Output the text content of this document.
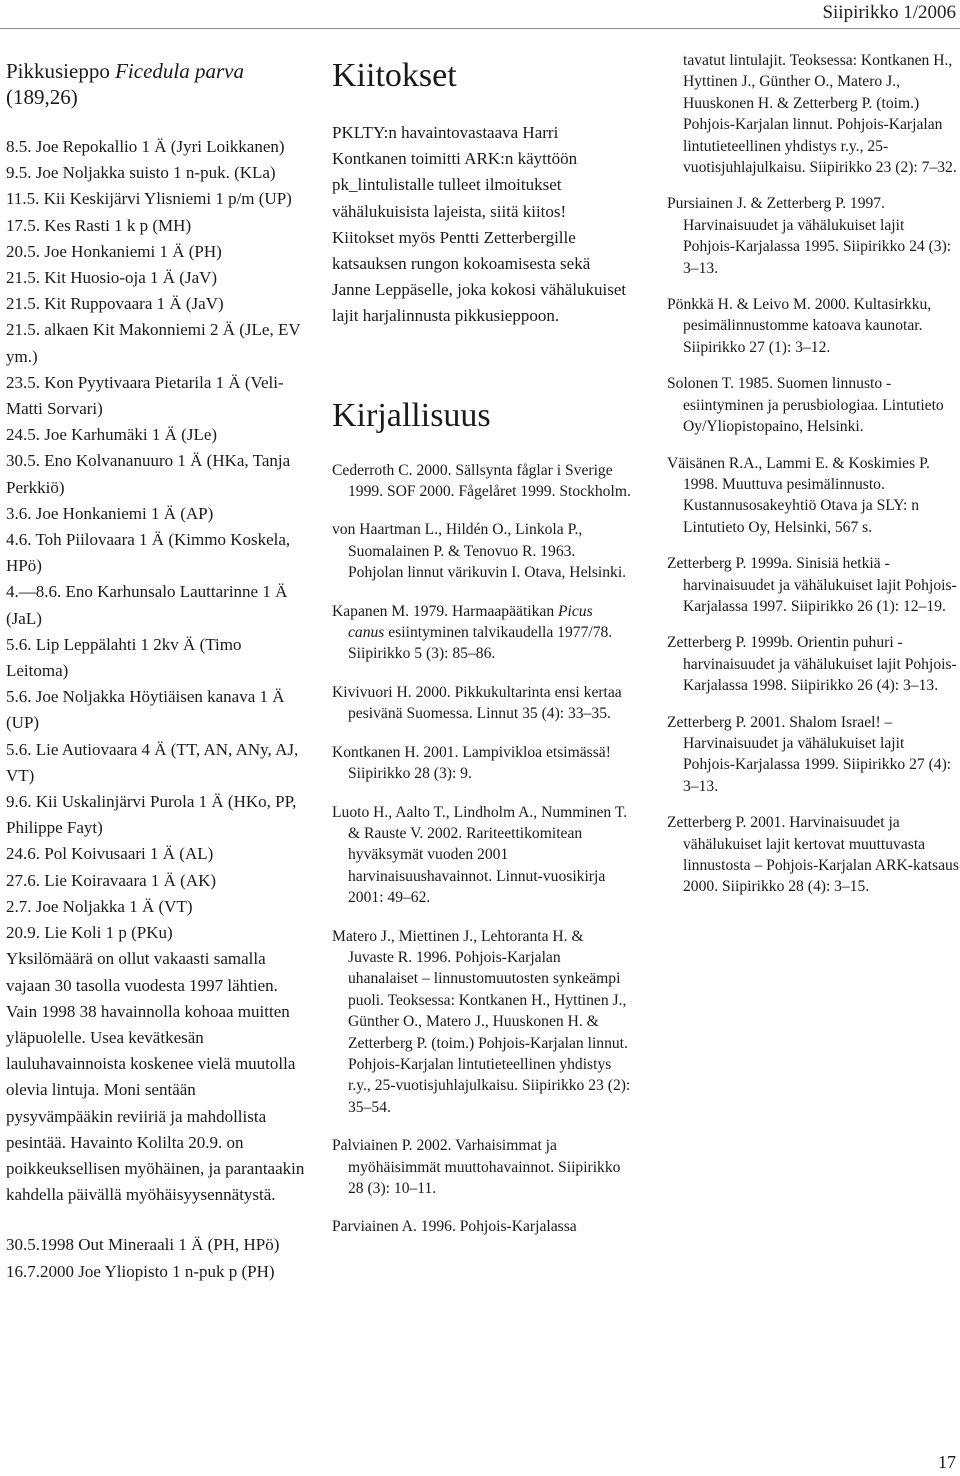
Siipirikko 1/2006
Pikkusieppo Ficedula parva
(189,26)
8.5. Joe Repokallio 1 Ä (Jyri Loikkanen)
9.5. Joe Noljakka suisto 1 n-puk. (KLa)
11.5. Kii Keskijärvi Ylisniemi 1 p/m (UP)
17.5. Kes Rasti 1 k p (MH)
20.5. Joe Honkaniemi 1 Ä (PH)
21.5. Kit Huosio-oja 1 Ä (JaV)
21.5. Kit Ruppovaara 1 Ä (JaV)
21.5. alkaen Kit Makonniemi 2 Ä (JLe, EV ym.)
23.5. Kon Pyytivaara Pietarila 1 Ä (Veli-Matti Sorvari)
24.5. Joe Karhumäki 1 Ä (JLe)
30.5. Eno Kolvananuuro 1 Ä (HKa, Tanja Perkkiö)
3.6. Joe Honkaniemi 1 Ä (AP)
4.6. Toh Piilovaara 1 Ä (Kimmo Koskela, HPö)
4.—8.6. Eno Karhunsalo Lauttarinne 1 Ä (JaL)
5.6. Lip Leppälahti 1 2kv Ä (Timo Leitoma)
5.6. Joe Noljakka Höytiäisen kanava 1 Ä (UP)
5.6. Lie Autiovaara 4 Ä (TT, AN, ANy, AJ, VT)
9.6. Kii Uskalinjärvi Purola 1 Ä (HKo, PP, Philippe Fayt)
24.6. Pol Koivusaari 1 Ä (AL)
27.6. Lie Koiravaara 1 Ä (AK)
2.7. Joe Noljakka 1 Ä (VT)
20.9. Lie Koli 1 p (PKu)
Yksilömäärä on ollut vakaasti samalla vajaan 30 tasolla vuodesta 1997 lähtien. Vain 1998 38 havainnolla kohoaa muitten yläpuolelle. Usea kevätkesän lauluhavainnoista koskenee vielä muutolla olevia lintuja. Moni sentään pysyvämpääkin reviiriä ja mahdollista pesintää. Havainto Kolilta 20.9. on poikkeuksellisen myöhäinen, ja parantaakin kahdella päivällä myöhäisyysennätystä.
30.5.1998 Out Mineraali 1 Ä (PH, HPö)
16.7.2000 Joe Yliopisto 1 n-puk p (PH)
Kiitokset
PKLTY:n havaintovastaava Harri Kontkanen toimitti ARK:n käyttöön pk_lintulistalle tulleet ilmoitukset vähälukuisista lajeista, siitä kiitos! Kiitokset myös Pentti Zetterbergille katsauksen rungon kokoamisesta sekä Janne Leppäselle, joka kokosi vähälukuiset lajit harjalinnusta pikkusieppoon.
Kirjallisuus
Cederroth C. 2000. Sällsynta fåglar i Sverige 1999. SOF 2000. Fågelåret 1999. Stockholm.
von Haartman L., Hildén O., Linkola P., Suomalainen P. & Tenovuo R. 1963. Pohjolan linnut värikuvin I. Otava, Helsinki.
Kapanen M. 1979. Harmaapäätikan Picus canus esiintyminen talvikaudella 1977/78. Siipirikko 5 (3): 85–86.
Kivivuori H. 2000. Pikkukultarinta ensi kertaa pesivänä Suomessa. Linnut 35 (4): 33–35.
Kontkanen H. 2001. Lampivikloa etsimässä! Siipirikko 28 (3): 9.
Luoto H., Aalto T., Lindholm A., Numminen T. & Rauste V. 2002. Rariteettikomitean hyväksymät vuoden 2001 harvinaisuushavainnot. Linnut-vuosikirja 2001: 49–62.
Matero J., Miettinen J., Lehtoranta H. & Juvaste R. 1996. Pohjois-Karjalan uhanalaiset – linnustomuutosten synkeämpi puoli. Teoksessa: Kontkanen H., Hyttinen J., Günther O., Matero J., Huuskonen H. & Zetterberg P. (toim.) Pohjois-Karjalan linnut. Pohjois-Karjalan lintutieteellinen yhdistys r.y., 25-vuotisjuhlajulkaisu. Siipirikko 23 (2): 35–54.
Palviainen P. 2002. Varhaisimmat ja myöhäisimmät muuttohavainnot. Siipirikko 28 (3): 10–11.
Parviainen A. 1996. Pohjois-Karjalassa
tavatut lintulajit. Teoksessa: Kontkanen H., Hyttinen J., Günther O., Matero J., Huuskonen H. & Zetterberg P. (toim.) Pohjois-Karjalan linnut. Pohjois-Karjalan lintutieteellinen yhdistys r.y., 25-vuotisjuhlajulkaisu. Siipirikko 23 (2): 7–32.
Pursiainen J. & Zetterberg P. 1997. Harvinaisuudet ja vähälukuiset lajit Pohjois-Karjalassa 1995. Siipirikko 24 (3): 3–13.
Pönkkä H. & Leivo M. 2000. Kultasirkku, pesimälinnustomme katoava kaunotar. Siipirikko 27 (1): 3–12.
Solonen T. 1985. Suomen linnusto - esiintyminen ja perusbiologiaa. Lintutieto Oy/Yliopistopaino, Helsinki.
Väisänen R.A., Lammi E. & Koskimies P. 1998. Muuttuva pesimälinnusto. Kustannusosakeyhtiö Otava ja SLY: n Lintutieto Oy, Helsinki, 567 s.
Zetterberg P. 1999a. Sinisiä hetkiä - harvinaisuudet ja vähälukuiset lajit Pohjois-Karjalassa 1997. Siipirikko 26 (1): 12–19.
Zetterberg P. 1999b. Orientin puhuri - harvinaisuudet ja vähälukuiset lajit Pohjois-Karjalassa 1998. Siipirikko 26 (4): 3–13.
Zetterberg P. 2001. Shalom Israel! – Harvinaisuudet ja vähälukuiset lajit Pohjois-Karjalassa 1999. Siipirikko 27 (4): 3–13.
Zetterberg P. 2001. Harvinaisuudet ja vähälukuiset lajit kertovat muuttuvasta linnustosta – Pohjois-Karjalan ARK-katsaus 2000. Siipirikko 28 (4): 3–15.
17
